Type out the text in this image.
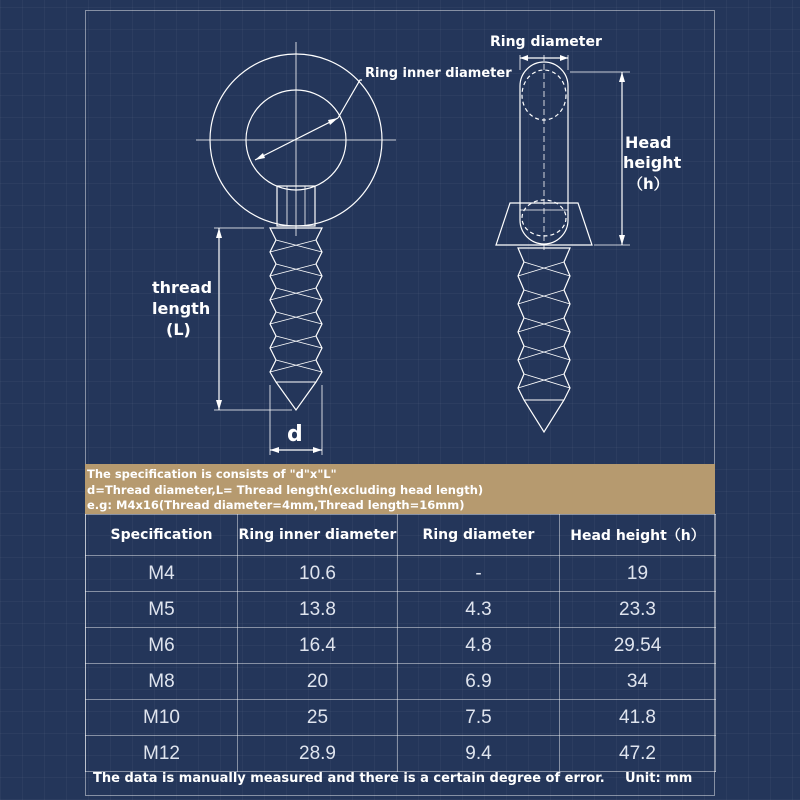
Ring diameter
Ring inner diameter
Head
height
（h）
thread
length
(L)
d
The specification is consists of "d"x"L"
d=Thread diameter,L= Thread length(excluding head length)
e.g: M4x16(Thread diameter=4mm,Thread length=16mm)
Specification	Ring inner diameter	Ring diameter	Head height（h）
M4	10.6	-	19
M5	13.8	4.3	23.3
M6	16.4	4.8	29.54
M8	20	6.9	34
M10	25	7.5	41.8
M12	28.9	9.4	47.2
The data is manually measured and there is a certain degree of error. Unit: mm
